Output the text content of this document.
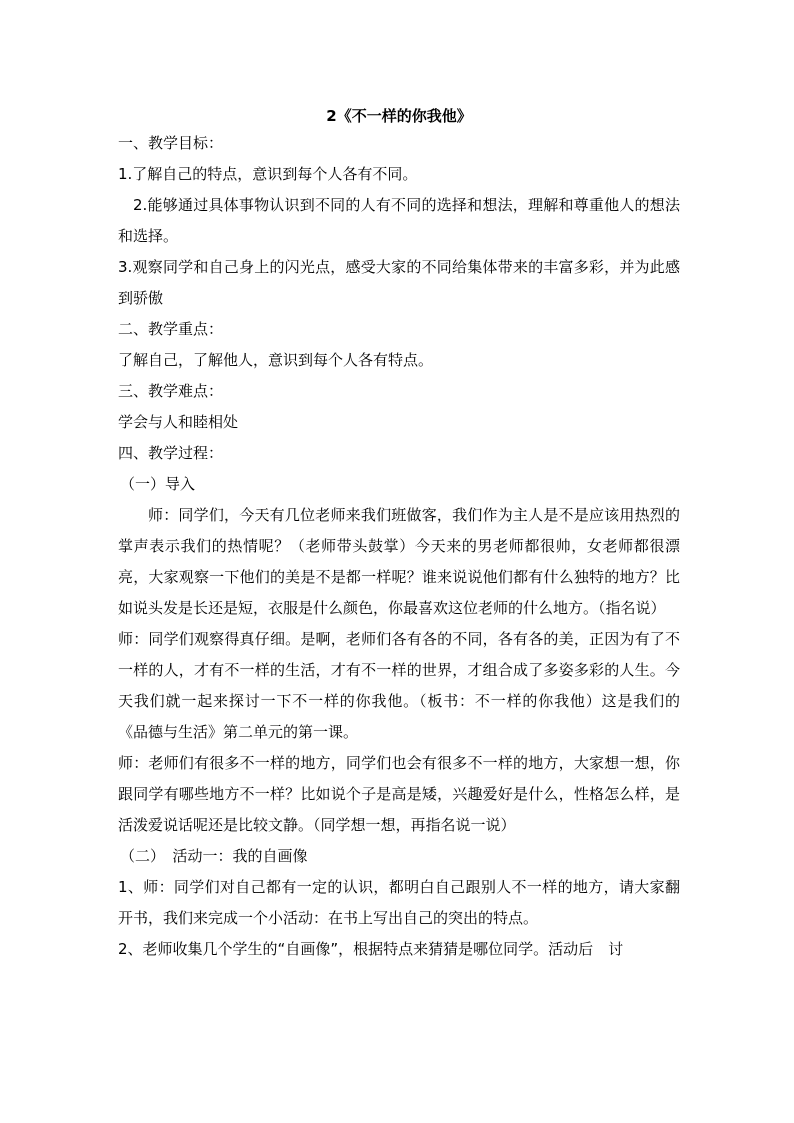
2《不一样的你我他》
一、教学目标：
1.了解自己的特点，意识到每个人各有不同。
2.能够通过具体事物认识到不同的人有不同的选择和想法，理解和尊重他人的想法和选择。
3.观察同学和自己身上的闪光点，感受大家的不同给集体带来的丰富多彩，并为此感到骄傲
二、教学重点：
了解自己，了解他人，意识到每个人各有特点。
三、教学难点：
学会与人和睦相处
四、教学过程：
（一）导入
师：同学们，今天有几位老师来我们班做客，我们作为主人是不是应该用热烈的掌声表示我们的热情呢？（老师带头鼓掌）今天来的男老师都很帅，女老师都很漂亮，大家观察一下他们的美是不是都一样呢？谁来说说他们都有什么独特的地方？比如说头发是长还是短，衣服是什么颜色，你最喜欢这位老师的什么地方。（指名说）
师：同学们观察得真仔细。是啊，老师们各有各的不同，各有各的美，正因为有了不一样的人，才有不一样的生活，才有不一样的世界，才组合成了多姿多彩的人生。今天我们就一起来探讨一下不一样的你我他。（板书：不一样的你我他）这是我们的《品德与生活》第二单元的第一课。
师：老师们有很多不一样的地方，同学们也会有很多不一样的地方，大家想一想，你跟同学有哪些地方不一样？比如说个子是高是矮，兴趣爱好是什么，性格怎么样，是活泼爱说话呢还是比较文静。（同学想一想，再指名说一说）
（二）　活动一：我的自画像
1、师：同学们对自己都有一定的认识，都明白自己跟别人不一样的地方，请大家翻开书，我们来完成一个小活动：在书上写出自己的突出的特点。
2、老师收集几个学生的“自画像”，根据特点来猜猜是哪位同学。活动后　讨
